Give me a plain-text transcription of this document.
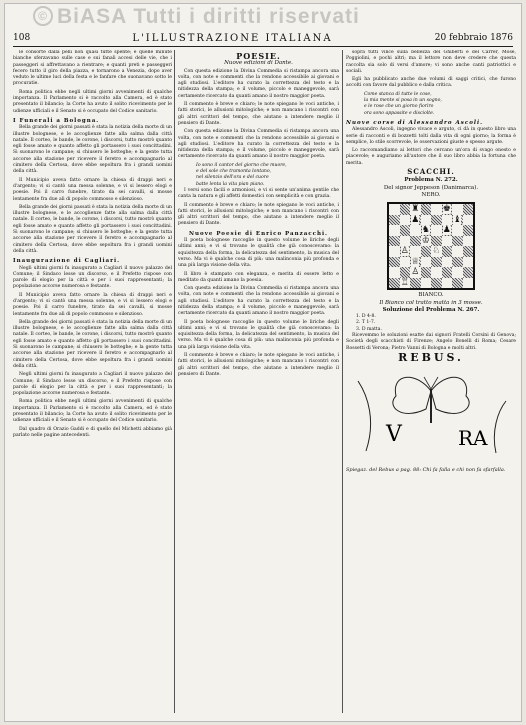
© BiASA Tutti i diritti riservati
108	L'ILLUSTRAZIONE ITALIANA	20 febbraio 1876

le consorte dalla pelli non quasi tutte spente; e quelle minute bianche sferzavano sulle case e sui fanali accesi delle vie, che i passeggeri si affrettavano a rientrare; e quanti preti e passeggeri fecero tutto il giro della piazza, e tornarono a Venezia, dopo aver veduto le ultime luci della festa e le fanfare che suonavano sotto le procuratie.

Roma politica ebbe negli ultimi giorni avvenimenti di qualche importanza. Il Parlamento si è raccolto alla Camera, ed è stato presentato il bilancio; la Corte ha avuto il solito ricevimento per le udienze ufficiali e il Senato si è occupato del Codice sanitario.

I Funerali a Bologna.

Bella grande dei giorni passati è stata la notizia della morte di un illustre bolognese, e le accoglienze fatte alla salma dalla città natale. Il corteo, le bande, le corone, i discorsi, tutto mostrò quanto egli fosse amato e quanto affetto gli portassero i suoi concittadini. Si suonarono le campane; si chiusero le botteghe; e la gente tutta accorse alla stazione per ricevere il feretro e accompagnarlo al cimitero della Certosa, dove ebbe sepoltura fra i grandi uomini della città.

Il Municipio aveva fatto ornare la chiesa di drappi neri e d'argento; vi si cantò una messa solenne, e vi si lessero elogi e poesie. Poi il carro funebre, tirato da sei cavalli, si mosse lentamente fra due ali di popolo commosso e silenzioso.

Bella grande dei giorni passati è stata la notizia della morte di un illustre bolognese, e le accoglienze fatte alla salma dalla città natale. Il corteo, le bande, le corone, i discorsi, tutto mostrò quanto egli fosse amato e quanto affetto gli portassero i suoi concittadini. Si suonarono le campane; si chiusero le botteghe; e la gente tutta accorse alla stazione per ricevere il feretro e accompagnarlo al cimitero della Certosa, dove ebbe sepoltura fra i grandi uomini della città.

Inaugurazione di Cagliari.

Negli ultimi giorni fu inaugurato a Cagliari il nuovo palazzo del Comune; il Sindaco lesse un discorso, e il Prefetto rispose con parole di elogio per la città e per i suoi rappresentanti; la popolazione accorse numerosa e festante.

Il Municipio aveva fatto ornare la chiesa di drappi neri e d'argento; vi si cantò una messa solenne, e vi si lessero elogi e poesie. Poi il carro funebre, tirato da sei cavalli, si mosse lentamente fra due ali di popolo commosso e silenzioso.

Bella grande dei giorni passati è stata la notizia della morte di un illustre bolognese, e le accoglienze fatte alla salma dalla città natale. Il corteo, le bande, le corone, i discorsi, tutto mostrò quanto egli fosse amato e quanto affetto gli portassero i suoi concittadini. Si suonarono le campane; si chiusero le botteghe; e la gente tutta accorse alla stazione per ricevere il feretro e accompagnarlo al cimitero della Certosa, dove ebbe sepoltura fra i grandi uomini della città.

Negli ultimi giorni fu inaugurato a Cagliari il nuovo palazzo del Comune; il Sindaco lesse un discorso, e il Prefetto rispose con parole di elogio per la città e per i suoi rappresentanti; la popolazione accorse numerosa e festante.

Roma politica ebbe negli ultimi giorni avvenimenti di qualche importanza. Il Parlamento si è raccolto alla Camera, ed è stato presentato il bilancio; la Corte ha avuto il solito ricevimento per le udienze ufficiali e il Senato si è occupato del Codice sanitario.

Dal quadro di Orazio Gaddi e di quello del Michetti abbiamo già parlato nelle pagine antecedenti.

POESIE.
Nuove edizioni di Dante.

Con questa edizione la Divina Commedia si ristampa ancora una volta, con note e commenti che la rendono accessibile ai giovani e agli studiosi. L'editore ha curato la correttezza del testo e la nitidezza della stampa; e il volume, piccolo e maneggevole, sarà certamente ricercato da quanti amano il nostro maggior poeta.

Il commento è breve e chiaro; le note spiegano le voci antiche, i fatti storici, le allusioni mitologiche; e non mancano i riscontri con gli altri scrittori del tempo, che aiutano a intendere meglio il pensiero di Dante.

Con questa edizione la Divina Commedia si ristampa ancora una volta, con note e commenti che la rendono accessibile ai giovani e agli studiosi. L'editore ha curato la correttezza del testo e la nitidezza della stampa; e il volume, piccolo e maneggevole, sarà certamente ricercato da quanti amano il nostro maggior poeta.

Io sono il cantor del giorno che muore,
e del sole che tramonta lontano,
nel silenzio dell'ora e del cuore
batte lenta la vita pian piano.

I versi sono facili e armoniosi, e vi si sente un'anima gentile che canta la natura e gli affetti domestici con semplicità e con grazia.

Il commento è breve e chiaro; le note spiegano le voci antiche, i fatti storici, le allusioni mitologiche; e non mancano i riscontri con gli altri scrittori del tempo, che aiutano a intendere meglio il pensiero di Dante.

Nuove Poesie di Enrico Panzacchi.

Il poeta bolognese raccoglie in questo volume le liriche degli ultimi anni; e vi si trovano le qualità che già conoscevamo: la squisitezza della forma, la delicatezza del sentimento, la musica del verso. Ma vi è qualche cosa di più: una malinconia più profonda e una più larga visione della vita.

Il libro è stampato con eleganza, e merita di essere letto e meditato da quanti amano la poesia.

Con questa edizione la Divina Commedia si ristampa ancora una volta, con note e commenti che la rendono accessibile ai giovani e agli studiosi. L'editore ha curato la correttezza del testo e la nitidezza della stampa; e il volume, piccolo e maneggevole, sarà certamente ricercato da quanti amano il nostro maggior poeta.

Il poeta bolognese raccoglie in questo volume le liriche degli ultimi anni; e vi si trovano le qualità che già conoscevamo: la squisitezza della forma, la delicatezza del sentimento, la musica del verso. Ma vi è qualche cosa di più: una malinconia più profonda e una più larga visione della vita.

Il commento è breve e chiaro; le note spiegano le voci antiche, i fatti storici, le allusioni mitologiche; e non mancano i riscontri con gli altri scrittori del tempo, che aiutano a intendere meglio il pensiero di Dante.

sopra tutti vince sulla bellezza del Ghiberti e del Carrer, Mosé, Poggiolini, e pochi altri; ma il lettore non deve credere che questa raccolta sia solo di versi d'amore; vi sono anche canti patriottici e sociali.

Egli ha pubblicato anche due volumi di saggi critici, che furono accolti con favore dal pubblico e dalla critica.

Come stanca di tutte le cose,
la mia mente si posa in un sogno,
e le rose che un giorno fiorìro
ora sono appassite e disciolte.
Nuove corse di Alessandro Ascoli.

Alessandro Ascoli, ingegno vivace e arguto, ci dà in questo libro una serie di racconti e di bozzetti tolti dalla vita di ogni giorno; la forma è semplice, lo stile scorrevole, le osservazioni giuste e spesso argute.

Lo raccomandiamo ai lettori che cercano un'ora di svago onesto e piacevole; e auguriamo all'autore che il suo libro abbia la fortuna che merita.

SCACCHI.
Problema N. 272.
Del signor Jeppeson (Danimarca).
NERO.
♜	♚
♟	♝
♞ ♟
♔
♙	♘
♕
♙
♖
BIANCO.
Il Bianco col tratto matta in 3 mosse.
Soluzione del Problema N. 267.
1. D 4-8.
2. T 1-7.
3. D matta.

Ricevemmo le soluzioni esatte dai signori Fratelli Corsini di Genova; Società degli scacchisti di Firenze; Angelo Bonelli di Roma; Cesare Rossetti di Verona; Pietro Vanni di Bologna e molti altri.

REBUS.
V	RA
Spiegaz. del Rebus a pag. 88: Chi fa falla e chi non fa sfarfalla.
